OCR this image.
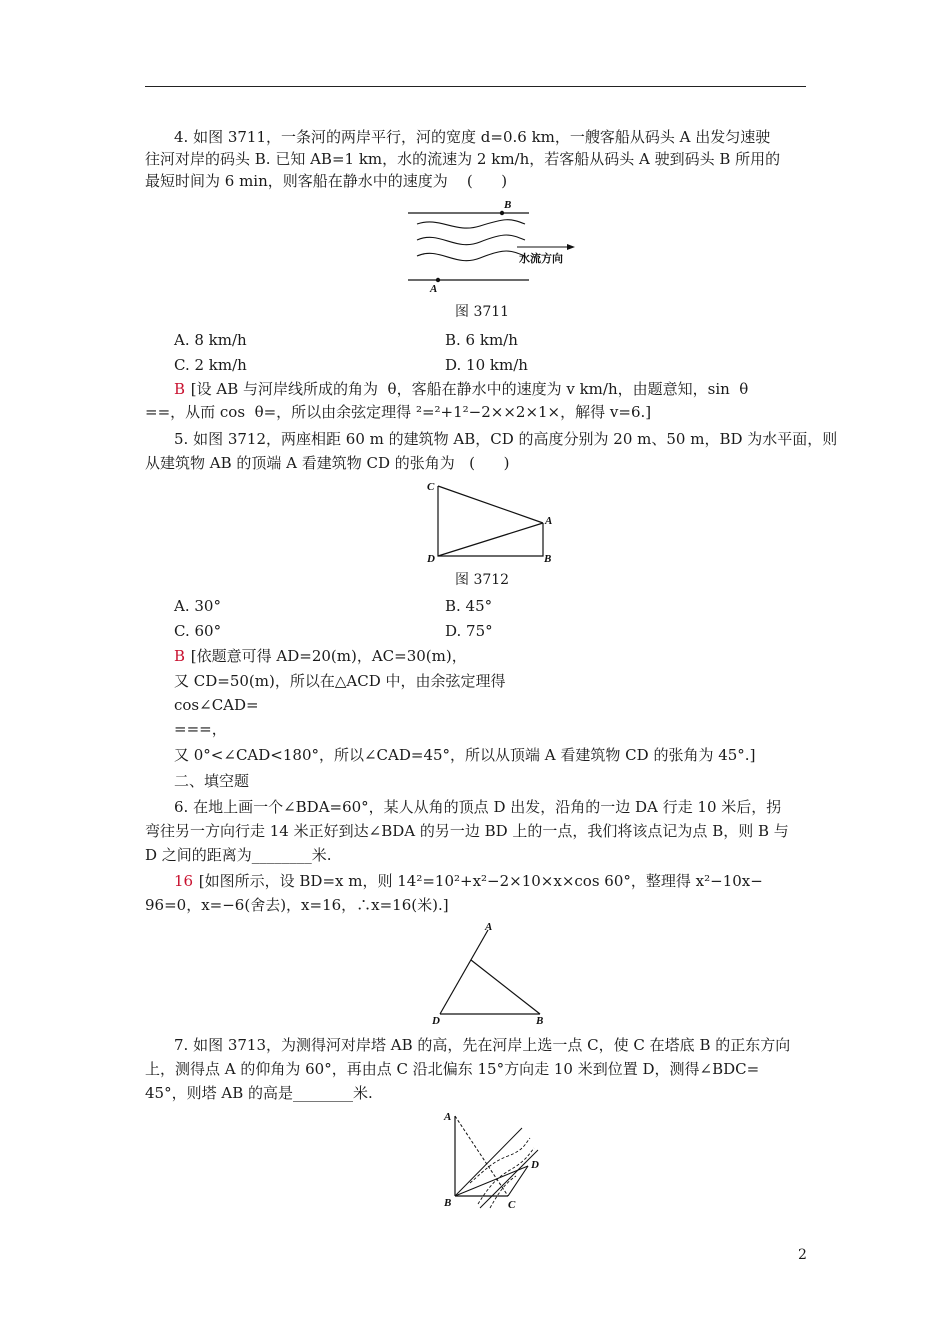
4. 如图 3711，一条河的两岸平行，河的宽度 d=0.6 km，一艘客船从码头 A 出发匀速驶
往河对岸的码头 B. 已知 AB=1 km，水的流速为 2 km/h，若客船从码头 A 驶到码头 B 所用的
最短时间为 6 min，则客船在静水中的速度为    (      )
B
A
水流方向
图 3711
A. 8 km/h	B. 6 km/h
C. 2 km/h	D. 10 km/h
B [设 AB 与河岸线所成的角为  θ，客船在静水中的速度为 v km/h，由题意知，sin  θ
==，从而 cos  θ=，所以由余弦定理得 ²=²+1²−2××2×1×，解得 v=6.]
5. 如图 3712，两座相距 60 m 的建筑物 AB，CD 的高度分别为 20 m、50 m，BD 为水平面，则
从建筑物 AB 的顶端 A 看建筑物 CD 的张角为   (      )
C
A
D	B
图 3712
A. 30°	B. 45°
C. 60°	D. 75°
B [依题意可得 AD=20(m)，AC=30(m)，
又 CD=50(m)，所以在△ACD 中，由余弦定理得
cos∠CAD=
===，
又 0°<∠CAD<180°，所以∠CAD=45°，所以从顶端 A 看建筑物 CD 的张角为 45°.]
二、填空题
6. 在地上画一个∠BDA=60°，某人从角的顶点 D 出发，沿角的一边 DA 行走 10 米后，拐
弯往另一方向行走 14 米正好到达∠BDA 的另一边 BD 上的一点，我们将该点记为点 B，则 B 与
D 之间的距离为________米.
16 [如图所示，设 BD=x m，则 14²=10²+x²−2×10×x×cos 60°，整理得 x²−10x−
96=0，x=−6(舍去)，x=16，∴x=16(米).]
A
D	B
7. 如图 3713，为测得河对岸塔 AB 的高，先在河岸上选一点 C，使 C 在塔底 B 的正东方向
上，测得点 A 的仰角为 60°，再由点 C 沿北偏东 15°方向走 10 米到位置 D，测得∠BDC=
45°，则塔 AB 的高是________米.
A
D
B	C
2
